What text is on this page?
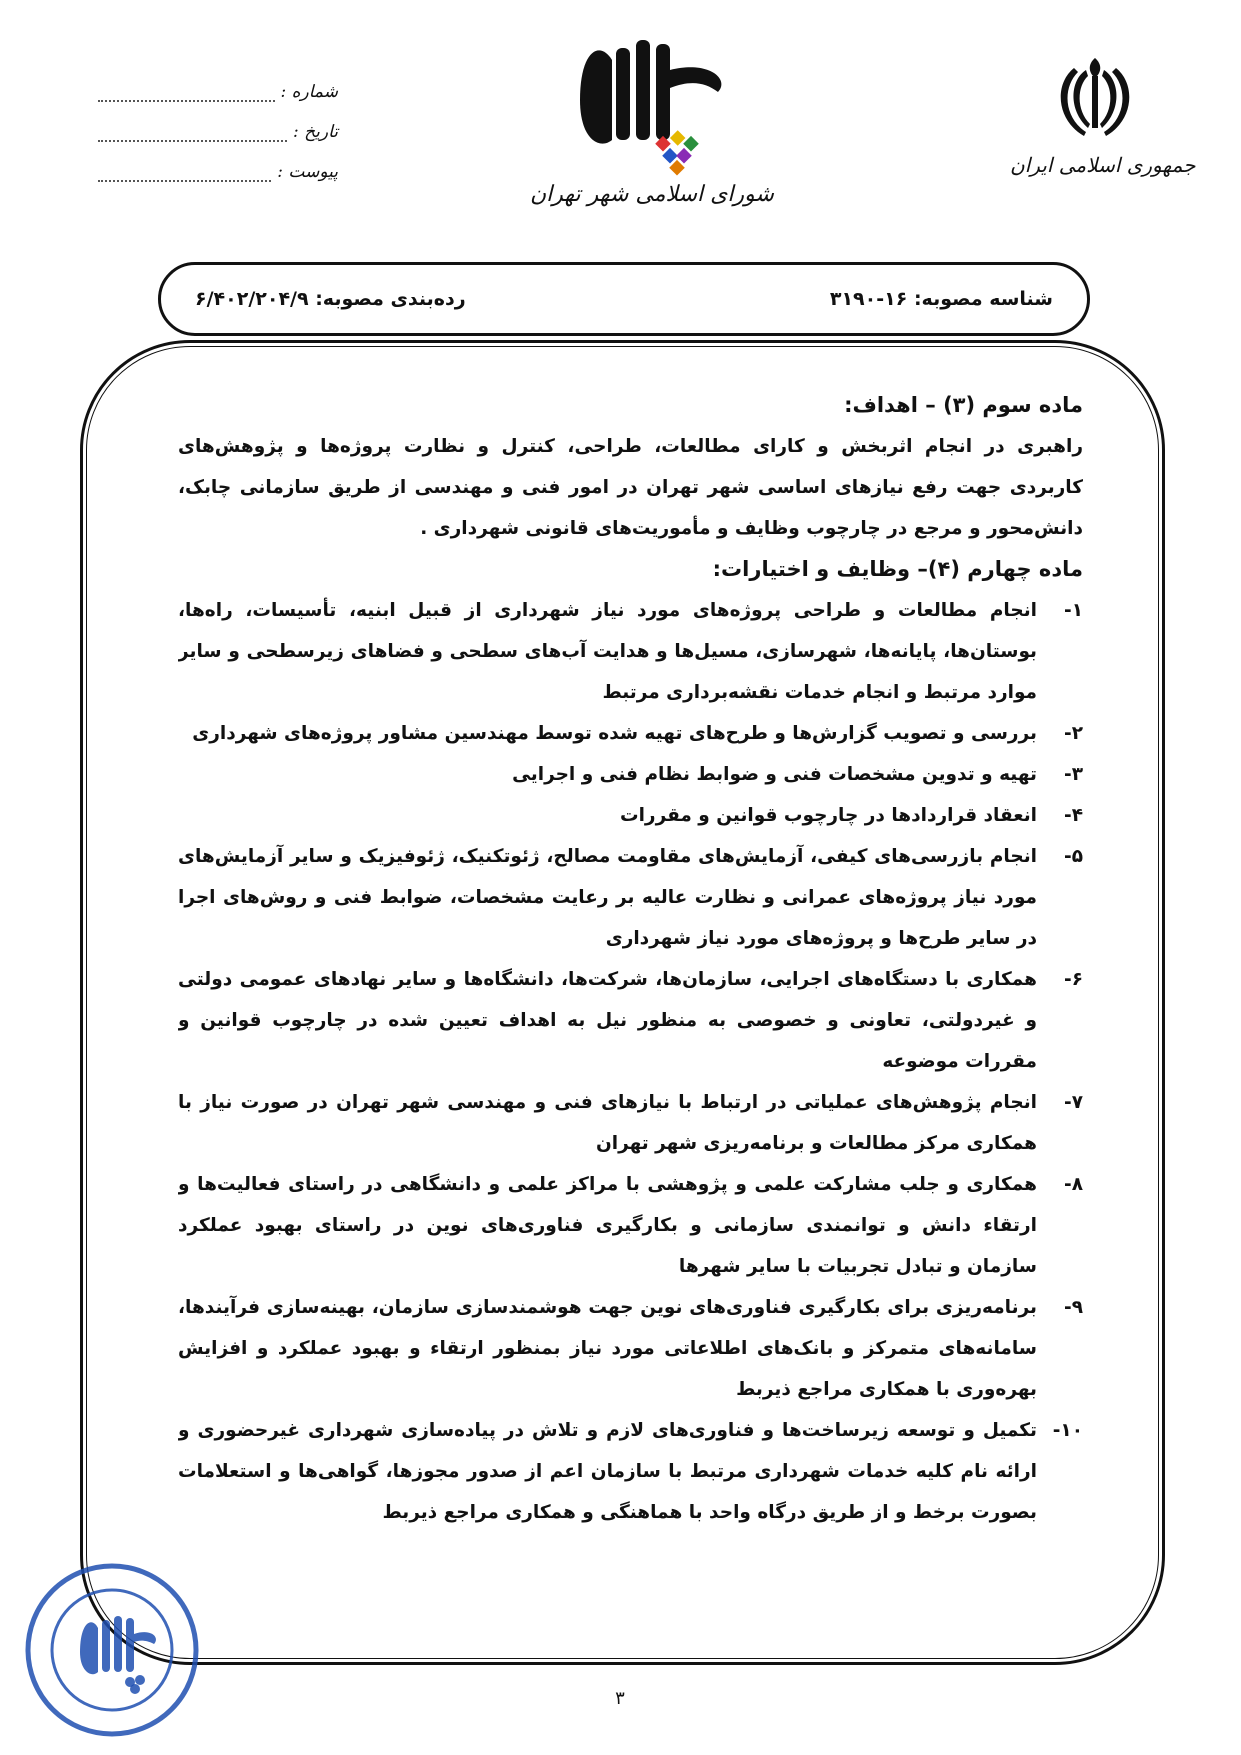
جمهوری اسلامی ایران
شورای اسلامی شهر تهران
شماره :
تاریخ :
پیوست :
شناسه مصوبه: ۱۶-۳۱۹۰
رده‌بندی مصوبه: ۶/۴۰۲/۲۰۴/۹
ماده سوم (۳) – اهداف:

راهبری در انجام اثربخش و کارای مطالعات، طراحی، کنترل و نظارت پروژه‌ها و پژوهش‌های کاربردی جهت رفع نیازهای اساسی شهر تهران در امور فنی و مهندسی از طریق سازمانی چابک، دانش‌محور و مرجع در چارچوب وظایف و مأموریت‌های قانونی شهرداری .

ماده چهارم (۴)– وظایف و اختیارات:
۱-
انجام مطالعات و طراحی پروژه‌های مورد نیاز شهرداری از قبیل ابنیه، تأسیسات، راه‌ها، بوستان‌ها، پایانه‌ها، شهرسازی، مسیل‌ها و هدایت آب‌های سطحی و فضاهای زیرسطحی و سایر موارد مرتبط و انجام خدمات نقشه‌برداری مرتبط
۲-
بررسی و تصویب گزارش‌ها و طرح‌های تهیه شده توسط مهندسین مشاور پروژه‌های شهرداری
۳-
تهیه و تدوین مشخصات فنی و ضوابط نظام فنی و اجرایی
۴-
انعقاد قراردادها در چارچوب قوانین و مقررات
۵-
انجام بازرسی‌های کیفی، آزمایش‌های مقاومت مصالح، ژئوتکنیک، ژئوفیزیک و سایر آزمایش‌های مورد نیاز پروژه‌های عمرانی و نظارت عالیه بر رعایت مشخصات، ضوابط فنی و روش‌های اجرا در سایر طرح‌ها و پروژه‌های مورد نیاز شهرداری
۶-
همکاری با دستگاه‌های اجرایی، سازمان‌ها، شرکت‌ها، دانشگاه‌ها و سایر نهادهای عمومی دولتی و غیردولتی، تعاونی و خصوصی به منظور نیل به اهداف تعیین شده در چارچوب قوانین و مقررات موضوعه
۷-
انجام پژوهش‌های عملیاتی در ارتباط با نیازهای فنی و مهندسی شهر تهران در صورت نیاز با همکاری مرکز مطالعات و برنامه‌ریزی شهر تهران
۸-
همکاری و جلب مشارکت علمی و پژوهشی با مراکز علمی و دانشگاهی در راستای فعالیت‌ها و ارتقاء دانش و توانمندی سازمانی و بکارگیری فناوری‌های نوین در راستای بهبود عملکرد سازمان و تبادل تجربیات با سایر شهرها
۹-
برنامه‌ریزی برای بکارگیری فناوری‌های نوین جهت هوشمندسازی سازمان، بهینه‌سازی فرآیندها، سامانه‌های متمرکز و بانک‌های اطلاعاتی مورد نیاز بمنظور ارتقاء و بهبود عملکرد و افزایش بهره‌وری با همکاری مراجع ذیربط
۱۰-
تکمیل و توسعه زیرساخت‌ها و فناوری‌های لازم و تلاش در پیاده‌سازی شهرداری غیرحضوری و ارائه نام کلیه خدمات شهرداری مرتبط با سازمان اعم از صدور مجوزها، گواهی‌ها و استعلامات بصورت برخط و از طریق درگاه واحد با هماهنگی و همکاری مراجع ذیربط
۳
